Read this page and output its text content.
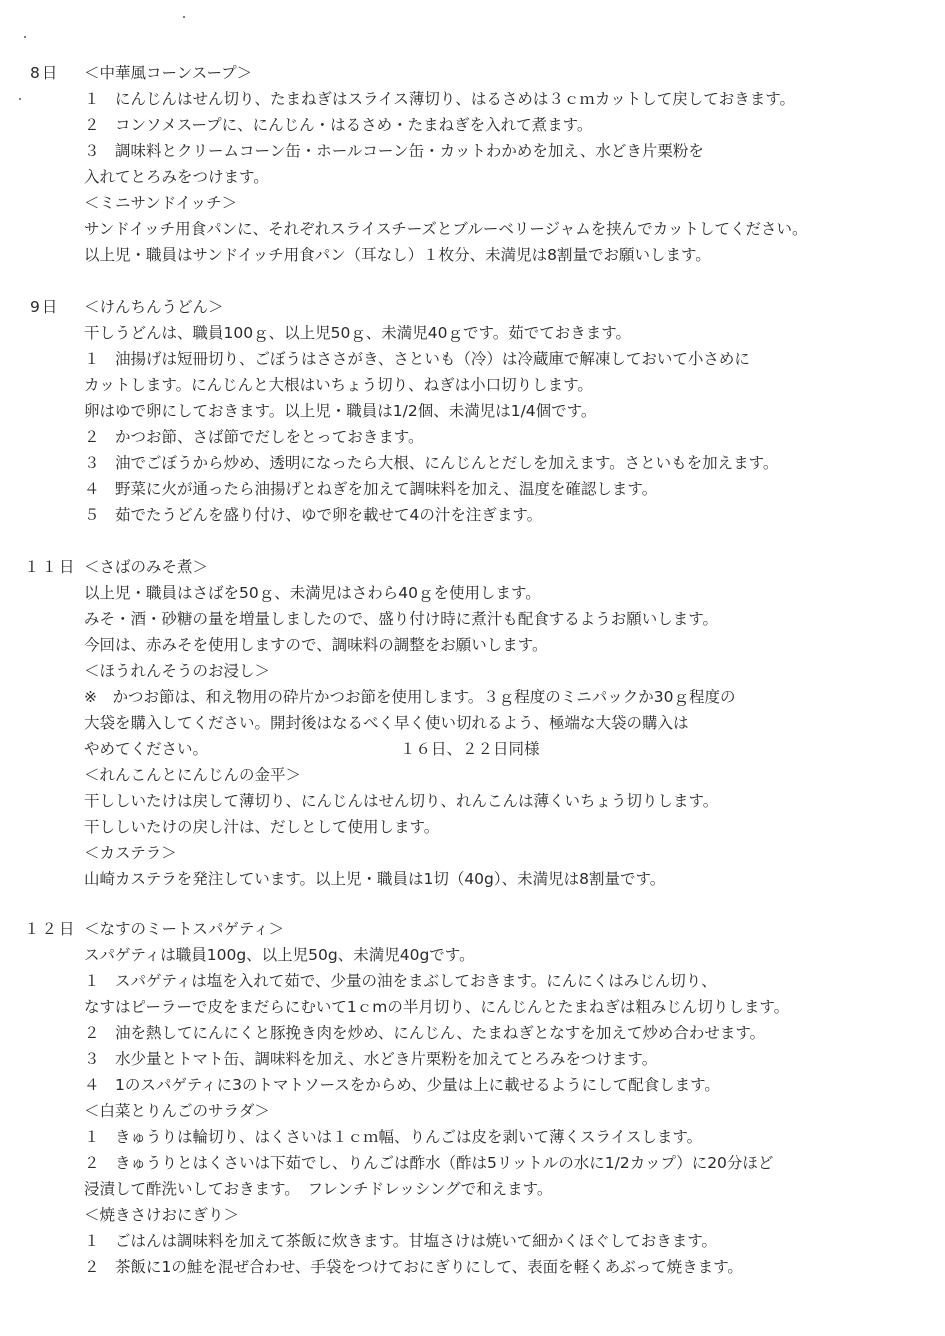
8日 ＜中華風コーンスープ＞
１　にんじんはせん切り、たまねぎはスライス薄切り、はるさめは３ｃｍカットして戻しておきます。
２　コンソメスープに、にんじん・はるさめ・たまねぎを入れて煮ます。
３　調味料とクリームコーン缶・ホールコーン缶・カットわかめを加え、水どき片栗粉を
入れてとろみをつけます。
＜ミニサンドイッチ＞
サンドイッチ用食パンに、それぞれスライスチーズとブルーベリージャムを挟んでカットしてください。
以上児・職員はサンドイッチ用食パン（耳なし）１枚分、未満児は8割量でお願いします。
9日 ＜けんちんうどん＞
干しうどんは、職員100ｇ、以上児50ｇ、未満児40ｇです。茹でておきます。
１　油揚げは短冊切り、ごぼうはささがき、さといも（冷）は冷蔵庫で解凍しておいて小さめに
カットします。にんじんと大根はいちょう切り、ねぎは小口切りします。
卵はゆで卵にしておきます。以上児・職員は1/2個、未満児は1/4個です。
２　かつお節、さば節でだしをとっておきます。
３　油でごぼうから炒め、透明になったら大根、にんじんとだしを加えます。さといもを加えます。
４　野菜に火が通ったら油揚げとねぎを加えて調味料を加え、温度を確認します。
５　茹でたうどんを盛り付け、ゆで卵を載せて4の汁を注ぎます。
１１日 ＜さばのみそ煮＞
以上児・職員はさばを50ｇ、未満児はさわら40ｇを使用します。
みそ・酒・砂糖の量を増量しましたので、盛り付け時に煮汁も配食するようお願いします。
今回は、赤みそを使用しますので、調味料の調整をお願いします。
＜ほうれんそうのお浸し＞
※　かつお節は、和え物用の砕片かつお節を使用します。３ｇ程度のミニパックか30ｇ程度の
大袋を購入してください。開封後はなるべく早く使い切れるよう、極端な大袋の購入は
やめてください。	１６日、２２日同様
＜れんこんとにんじんの金平＞
干ししいたけは戻して薄切り、にんじんはせん切り、れんこんは薄くいちょう切りします。
干ししいたけの戻し汁は、だしとして使用します。
＜カステラ＞
山崎カステラを発注しています。以上児・職員は1切（40g）、未満児は8割量です。
１２日 ＜なすのミートスパゲティ＞
スパゲティは職員100g、以上児50g、未満児40gです。
１　スパゲティは塩を入れて茹で、少量の油をまぶしておきます。にんにくはみじん切り、
なすはピーラーで皮をまだらにむいて1ｃmの半月切り、にんじんとたまねぎは粗みじん切りします。
２　油を熱してにんにくと豚挽き肉を炒め、にんじん、たまねぎとなすを加えて炒め合わせます。
３　水少量とトマト缶、調味料を加え、水どき片栗粉を加えてとろみをつけます。
４　1のスパゲティに3のトマトソースをからめ、少量は上に載せるようにして配食します。
＜白菜とりんごのサラダ＞
１　きゅうりは輪切り、はくさいは１ｃｍ幅、りんごは皮を剥いて薄くスライスします。
２　きゅうりとはくさいは下茹でし、りんごは酢水（酢は5リットルの水に1/2カップ）に20分ほど
浸漬して酢洗いしておきます。　フレンチドレッシングで和えます。
＜焼きさけおにぎり＞
１　ごはんは調味料を加えて茶飯に炊きます。甘塩さけは焼いて細かくほぐしておきます。
２　茶飯に1の鮭を混ぜ合わせ、手袋をつけておにぎりにして、表面を軽くあぶって焼きます。
